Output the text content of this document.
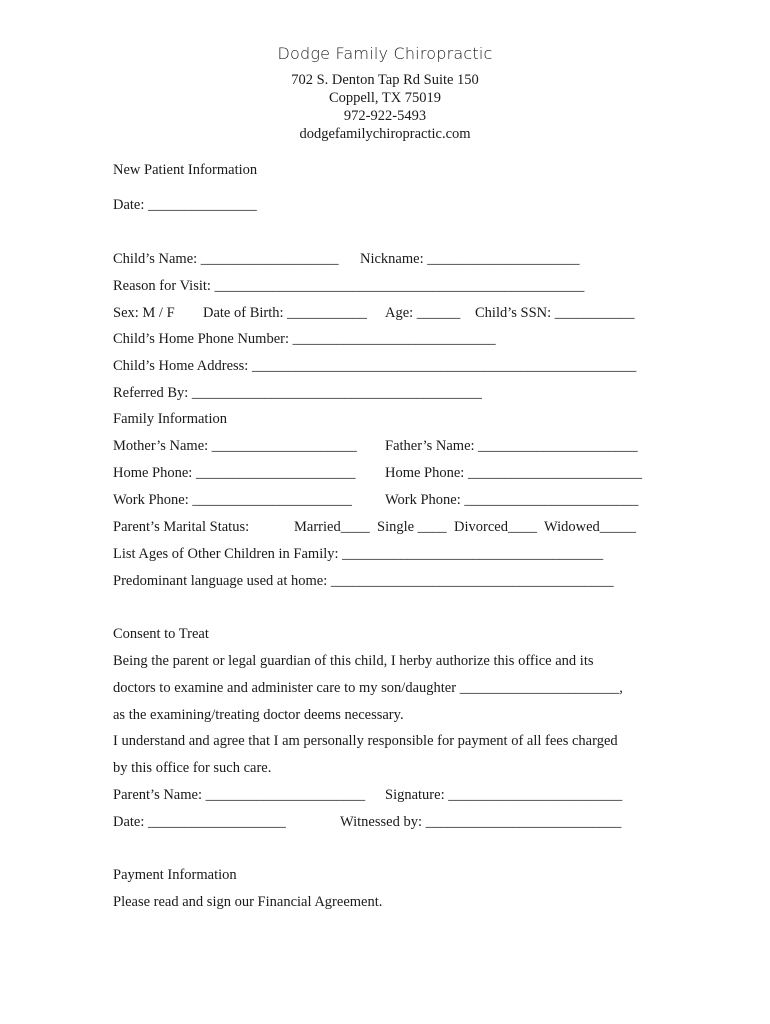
Dodge Family Chiropractic
702 S. Denton Tap Rd Suite 150
Coppell, TX 75019
972-922-5493
dodgefamilychiropractic.com
New Patient Information
Date: _______________
Child’s Name: ___________________ Nickname: _____________________
Reason for Visit: ___________________________________________________
Sex: M / F Date of Birth: ___________ Age: ______ Child’s SSN: ___________
Child’s Home Phone Number: ____________________________
Child’s Home Address: _____________________________________________________
Referred By: ________________________________________
Family Information
Mother’s Name: ____________________ Father’s Name: ______________________
Home Phone: ______________________ Home Phone: ________________________
Work Phone: ______________________ Work Phone: ________________________
Parent’s Marital Status:	Married____ Single ____ Divorced____ Widowed_____
List Ages of Other Children in Family: ____________________________________
Predominant language used at home: _______________________________________
Consent to Treat
Being the parent or legal guardian of this child, I herby authorize this office and its
doctors to examine and administer care to my son/daughter ______________________,
as the examining/treating doctor deems necessary.
I understand and agree that I am personally responsible for payment of all fees charged
by this office for such care.
Parent’s Name: ______________________ Signature: ________________________
Date: ___________________	Witnessed by: ___________________________
Payment Information
Please read and sign our Financial Agreement.
